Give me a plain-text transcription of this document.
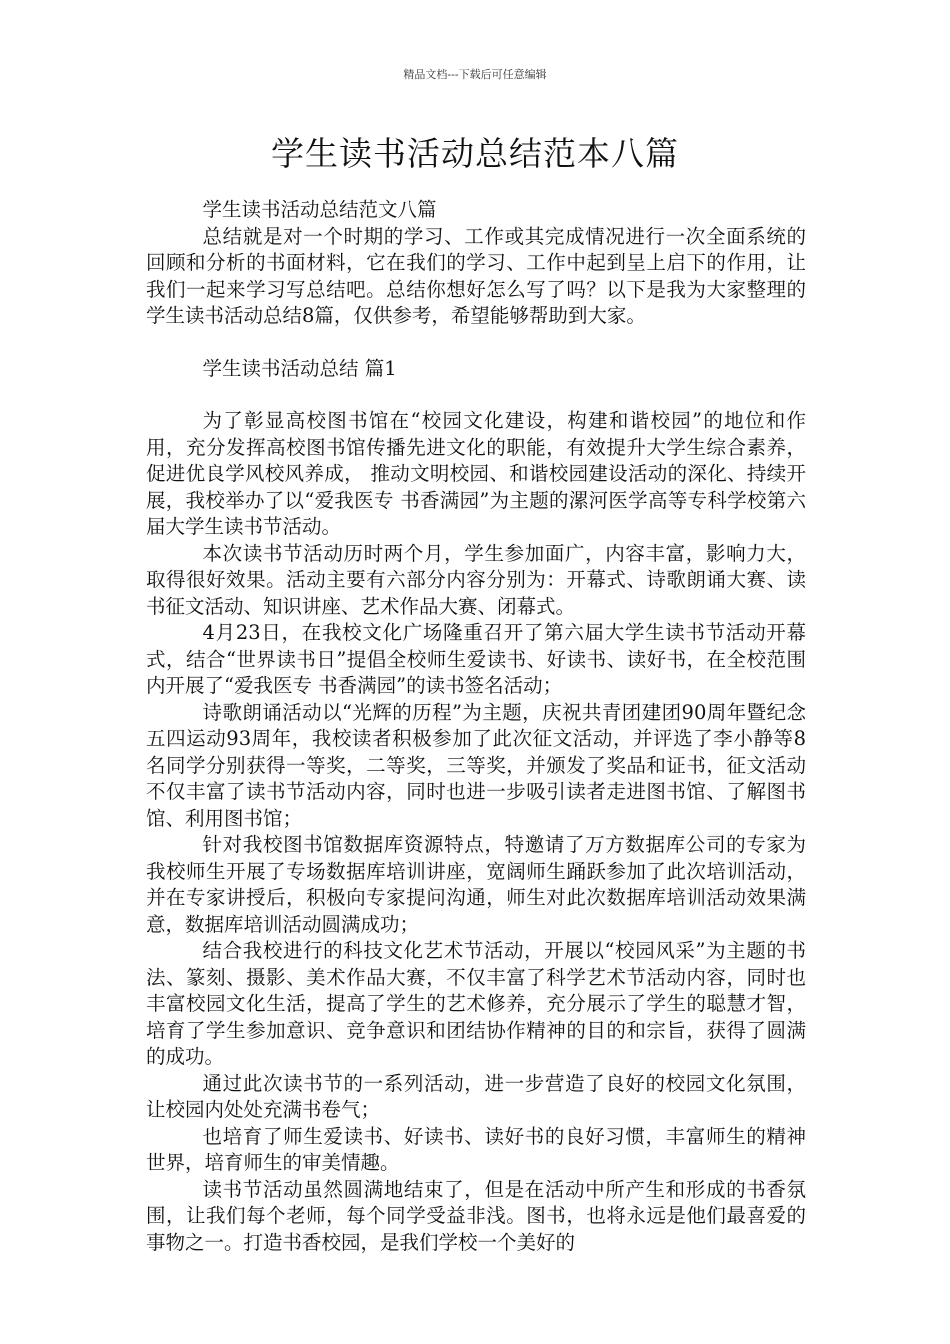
精品文档---下载后可任意编辑
学生读书活动总结范本八篇

学生读书活动总结范文八篇

总结就是对一个时期的学习、工作或其完成情况进行一次全面系统的回顾和分析的书面材料，它在我们的学习、工作中起到呈上启下的作用，让我们一起来学习写总结吧。总结你想好怎么写了吗？以下是我为大家整理的学生读书活动总结8篇，仅供参考，希望能够帮助到大家。

学生读书活动总结 篇1

为了彰显高校图书馆在“校园文化建设，构建和谐校园”的地位和作用，充分发挥高校图书馆传播先进文化的职能，有效提升大学生综合素养，促进优良学风校风养成， 推动文明校园、和谐校园建设活动的深化、持续开展，我校举办了以“爱我医专 书香满园”为主题的漯河医学高等专科学校第六届大学生读书节活动。

本次读书节活动历时两个月，学生参加面广，内容丰富，影响力大，取得很好效果。活动主要有六部分内容分别为：开幕式、诗歌朗诵大赛、读书征文活动、知识讲座、艺术作品大赛、闭幕式。

4月23日，在我校文化广场隆重召开了第六届大学生读书节活动开幕式，结合“世界读书日”提倡全校师生爱读书、好读书、读好书，在全校范围内开展了“爱我医专 书香满园”的读书签名活动；

诗歌朗诵活动以“光辉的历程”为主题，庆祝共青团建团90周年暨纪念五四运动93周年，我校读者积极参加了此次征文活动，并评选了李小静等8名同学分别获得一等奖，二等奖，三等奖，并颁发了奖品和证书，征文活动不仅丰富了读书节活动内容，同时也进一步吸引读者走进图书馆、了解图书馆、利用图书馆；

针对我校图书馆数据库资源特点，特邀请了万方数据库公司的专家为我校师生开展了专场数据库培训讲座，宽阔师生踊跃参加了此次培训活动，并在专家讲授后，积极向专家提问沟通，师生对此次数据库培训活动效果满意，数据库培训活动圆满成功；

结合我校进行的科技文化艺术节活动，开展以“校园风采”为主题的书法、篆刻、摄影、美术作品大赛，不仅丰富了科学艺术节活动内容，同时也丰富校园文化生活，提高了学生的艺术修养，充分展示了学生的聪慧才智，培育了学生参加意识、竞争意识和团结协作精神的目的和宗旨，获得了圆满的成功。

通过此次读书节的一系列活动，进一步营造了良好的校园文化氛围，让校园内处处充满书卷气；

也培育了师生爱读书、好读书、读好书的良好习惯，丰富师生的精神世界，培育师生的审美情趣。

读书节活动虽然圆满地结束了，但是在活动中所产生和形成的书香氛围，让我们每个老师，每个同学受益非浅。图书，也将永远是他们最喜爱的事物之一。打造书香校园，是我们学校一个美好的
